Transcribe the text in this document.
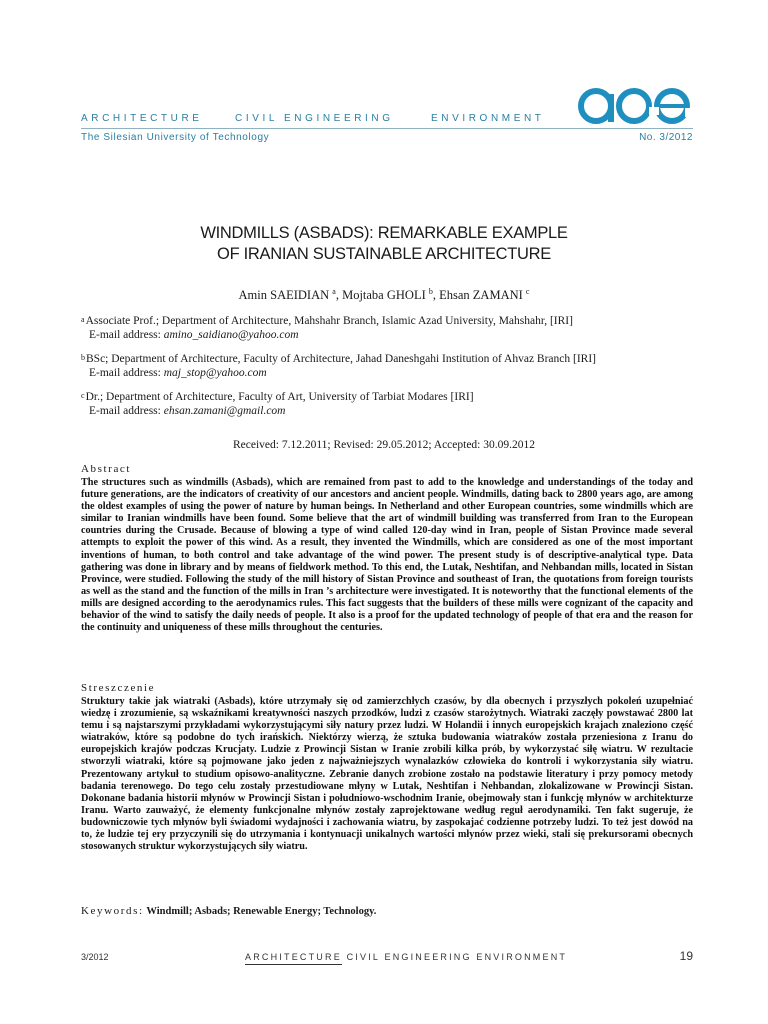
ARCHITECTURE	CIVIL ENGINEERING	ENVIRONMENT
ace
The Silesian University of Technology	No. 3/2012
WINDMILLS (ASBADS): REMARKABLE EXAMPLE
OF IRANIAN SUSTAINABLE ARCHITECTURE
Amin SAEIDIAN $^a$, Mojtaba GHOLI $^b$, Ehsan ZAMANI $^c$
$^a$Associate Prof.; Department of Architecture, Mahshahr Branch, Islamic Azad University, Mahshahr, [IRI]
E-mail address: amino_saidiano@yahoo.com
$^b$BSc; Department of Architecture, Faculty of Architecture, Jahad Daneshgahi Institution of Ahvaz Branch [IRI]
E-mail address: maj_stop@yahoo.com
$^c$Dr.; Department of Architecture, Faculty of Art, University of Tarbiat Modares [IRI]
E-mail address: ehsan.zamani@gmail.com
Received: 7.12.2011; Revised: 29.05.2012; Accepted: 30.09.2012
Abstract
The structures such as windmills (Asbads), which are remained from past to add to the knowledge and understandings of the today and future generations, are the indicators of creativity of our ancestors and ancient people. Windmills, dating back to 2800 years ago, are among the oldest examples of using the power of nature by human beings. In Netherland and other European countries, some windmills which are similar to Iranian windmills have been found. Some believe that the art of windmill building was transferred from Iran to the European countries during the Crusade. Because of blowing a type of wind called 120-day wind in Iran, people of Sistan Province made several attempts to exploit the power of this wind. As a result, they invented the Windmills, which are considered as one of the most important inventions of human, to both control and take advantage of the wind power. The present study is of descriptive-analytical type. Data gathering was done in library and by means of fieldwork method. To this end, the Lutak, Neshtifan, and Nehbandan mills, located in Sistan Province, were studied. Following the study of the mill history of Sistan Province and southeast of Iran, the quotations from foreign tourists as well as the stand and the function of the mills in Iran ’s architecture were investigated. It is noteworthy that the functional elements of the mills are designed according to the aerodynamics rules. This fact suggests that the builders of these mills were cognizant of the capacity and behavior of the wind to satisfy the daily needs of people. It also is a proof for the updated technology of people of that era and the reason for the continuity and uniqueness of these mills throughout the centuries.
Streszczenie
Struktury takie jak wiatraki (Asbads), które utrzymały się od zamierzchłych czasów, by dla obecnych i przyszłych pokoleń uzupełniać wiedzę i zrozumienie, są wskaźnikami kreatywności naszych przodków, ludzi z czasów starożytnych. Wiatraki zaczęły powstawać 2800 lat temu i są najstarszymi przykładami wykorzystującymi siły natury przez ludzi. W Holandii i innych europejskich krajach znaleziono część wiatraków, które są podobne do tych irańskich. Niektórzy wierzą, że sztuka budowania wiatraków została przeniesiona z Iranu do europejskich krajów podczas Krucjaty. Ludzie z Prowincji Sistan w Iranie zrobili kilka prób, by wykorzystać siłę wiatru. W rezultacie stworzyli wiatraki, które są pojmowane jako jeden z najważniejszych wynalazków człowieka do kontroli i wykorzystania siły wiatru. Prezentowany artykuł to studium opisowo-analityczne. Zebranie danych zrobione zostało na podstawie literatury i przy pomocy metody badania terenowego. Do tego celu zostały przestudiowane młyny w Lutak, Neshtifan i Nehbandan, zlokalizowane w Prowincji Sistan. Dokonane badania historii młynów w Prowincji Sistan i południowo-wschodnim Iranie, obejmowały stan i funkcję młynów w architekturze Iranu. Warto zauważyć, że elementy funkcjonalne młynów zostały zaprojektowane według reguł aerodynamiki. Ten fakt sugeruje, że budowniczowie tych młynów byli świadomi wydajności i zachowania wiatru, by zaspokajać codzienne potrzeby ludzi. To też jest dowód na to, że ludzie tej ery przyczynili się do utrzymania i kontynuacji unikalnych wartości młynów przez wieki, stali się prekursorami obecnych stosowanych struktur wykorzystujących siły wiatru.
Keywords: Windmill; Asbads; Renewable Energy; Technology.
3/2012	ARCHITECTURE CIVIL ENGINEERING ENVIRONMENT	19
